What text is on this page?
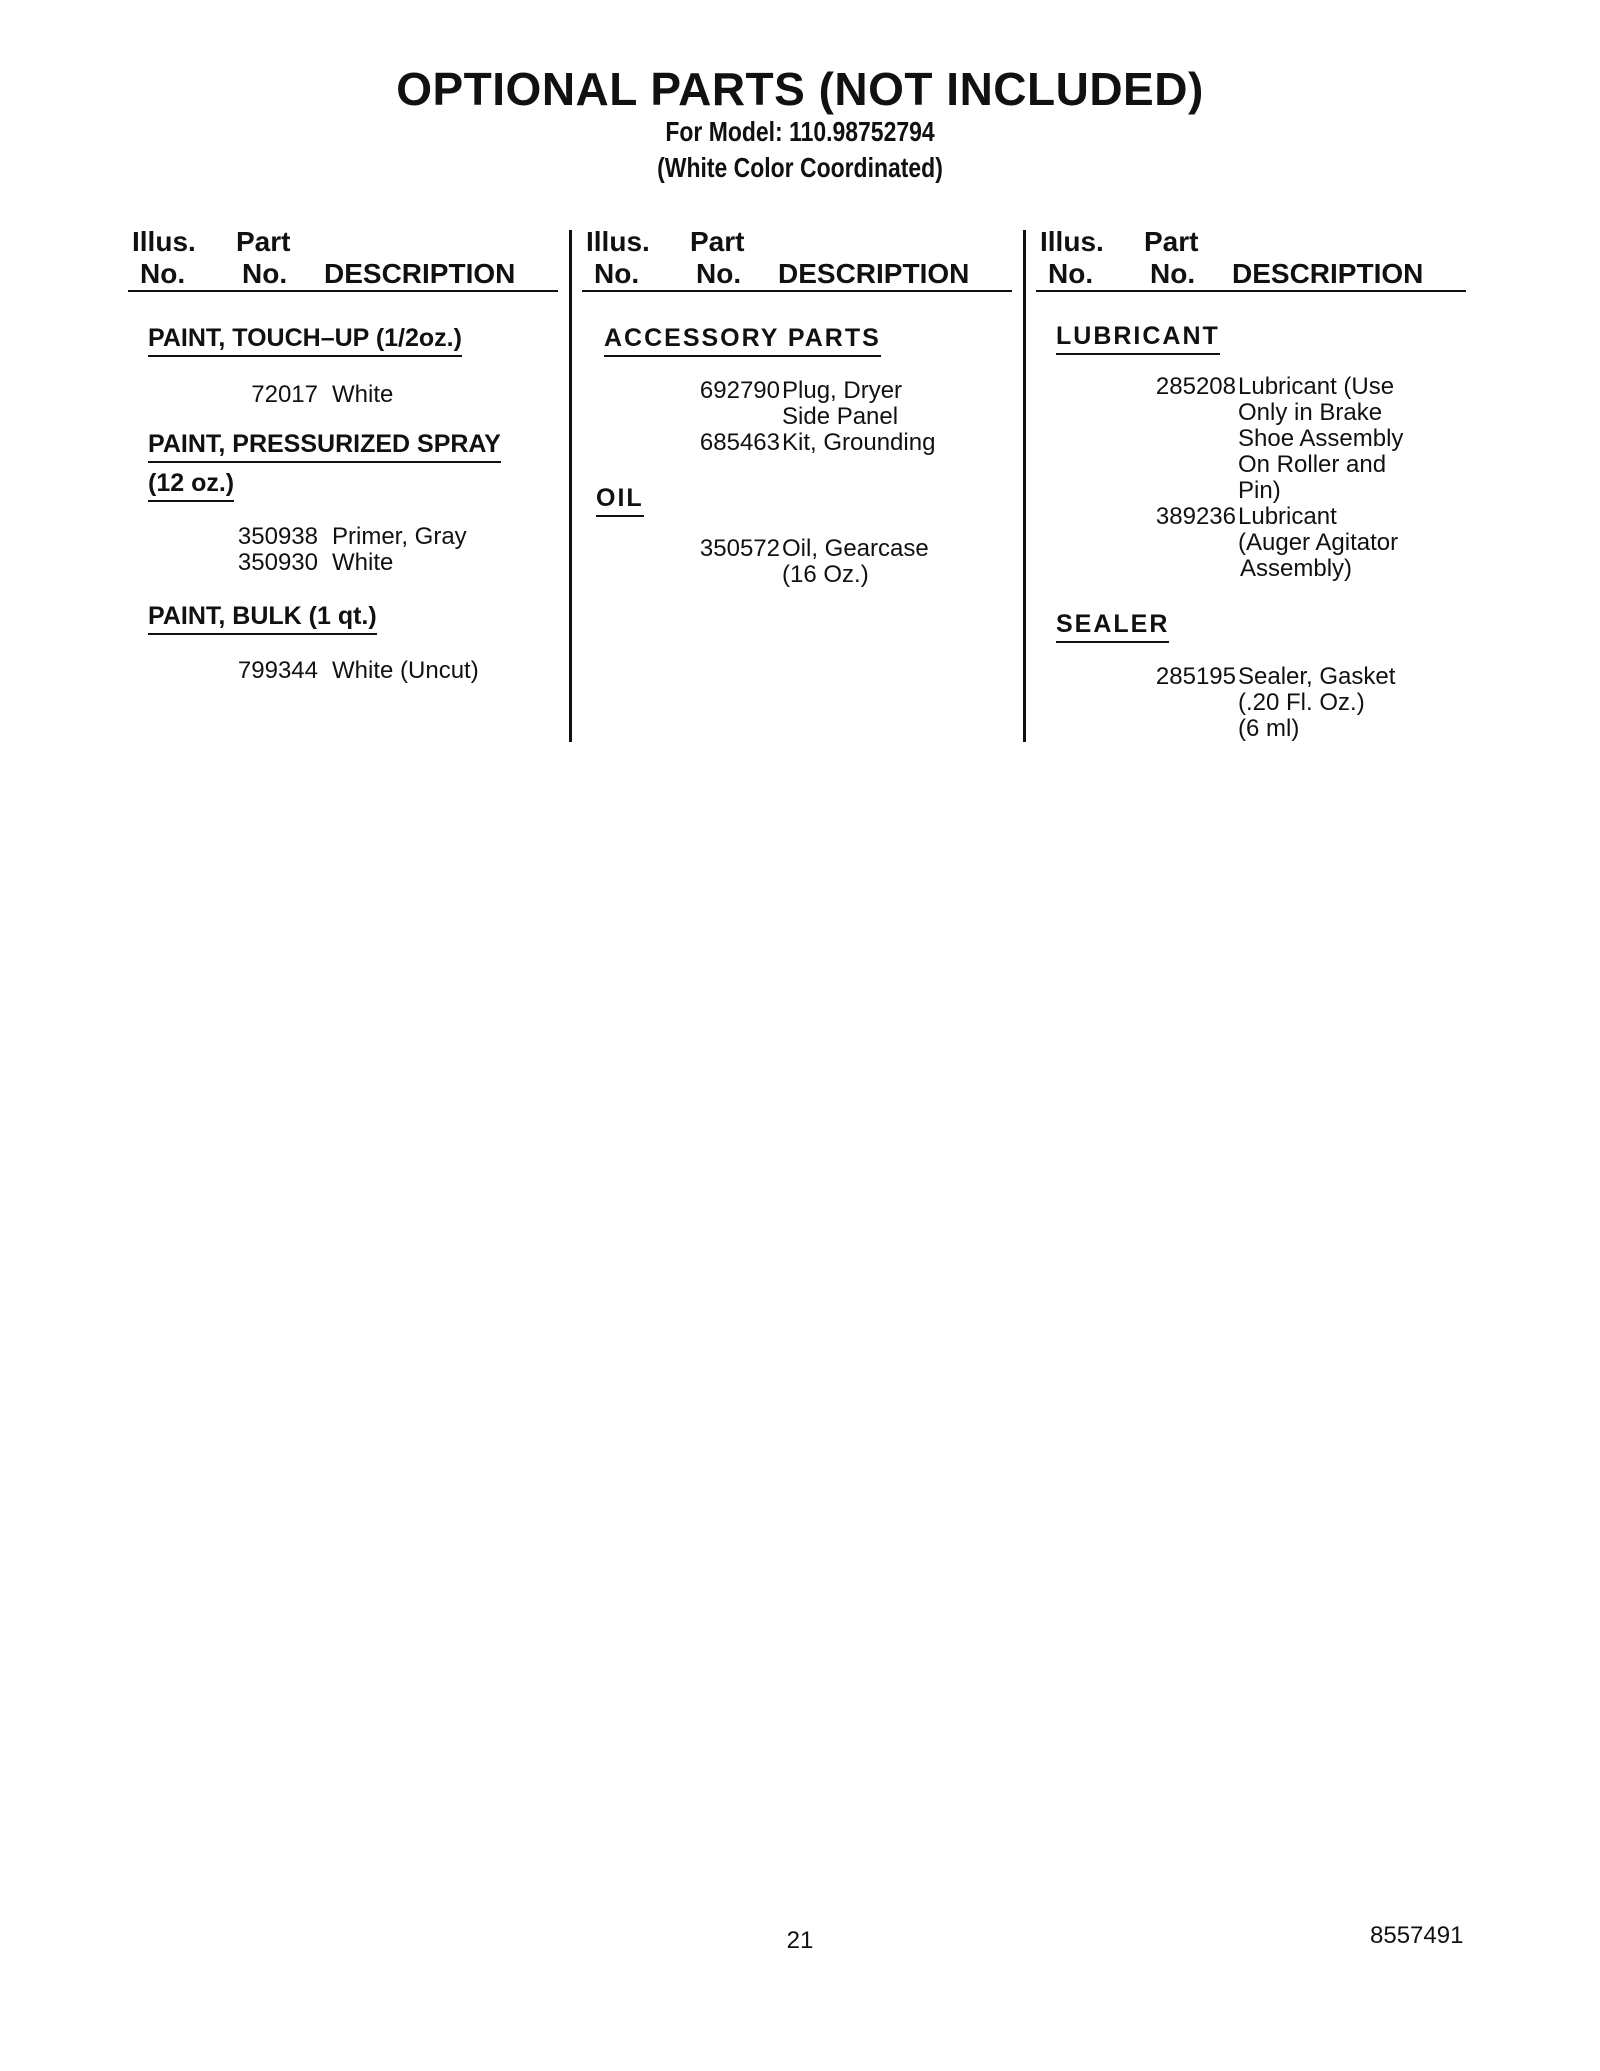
OPTIONAL PARTS (NOT INCLUDED)
For Model: 110.98752794
(White Color Coordinated)
Illus.
No.
Part
No. DESCRIPTION
PAINT, TOUCH–UP (1/2oz.)
72017 White
PAINT, PRESSURIZED SPRAY
(12 oz.)
350938 Primer, Gray
350930 White
PAINT, BULK (1 qt.)
799344 White (Uncut)
Illus.
No.
Part
No. DESCRIPTION
ACCESSORY PARTS
692790 Plug, Dryer
Side Panel
685463 Kit, Grounding
OIL
350572 Oil, Gearcase
(16 Oz.)
Illus.
No.
Part
No. DESCRIPTION
LUBRICANT
285208 Lubricant (Use
Only in Brake
Shoe Assembly
On Roller and
Pin)
389236 Lubricant
(Auger Agitator
Assembly)
SEALER
285195 Sealer, Gasket
(.20 Fl. Oz.)
(6 ml)
21	8557491
